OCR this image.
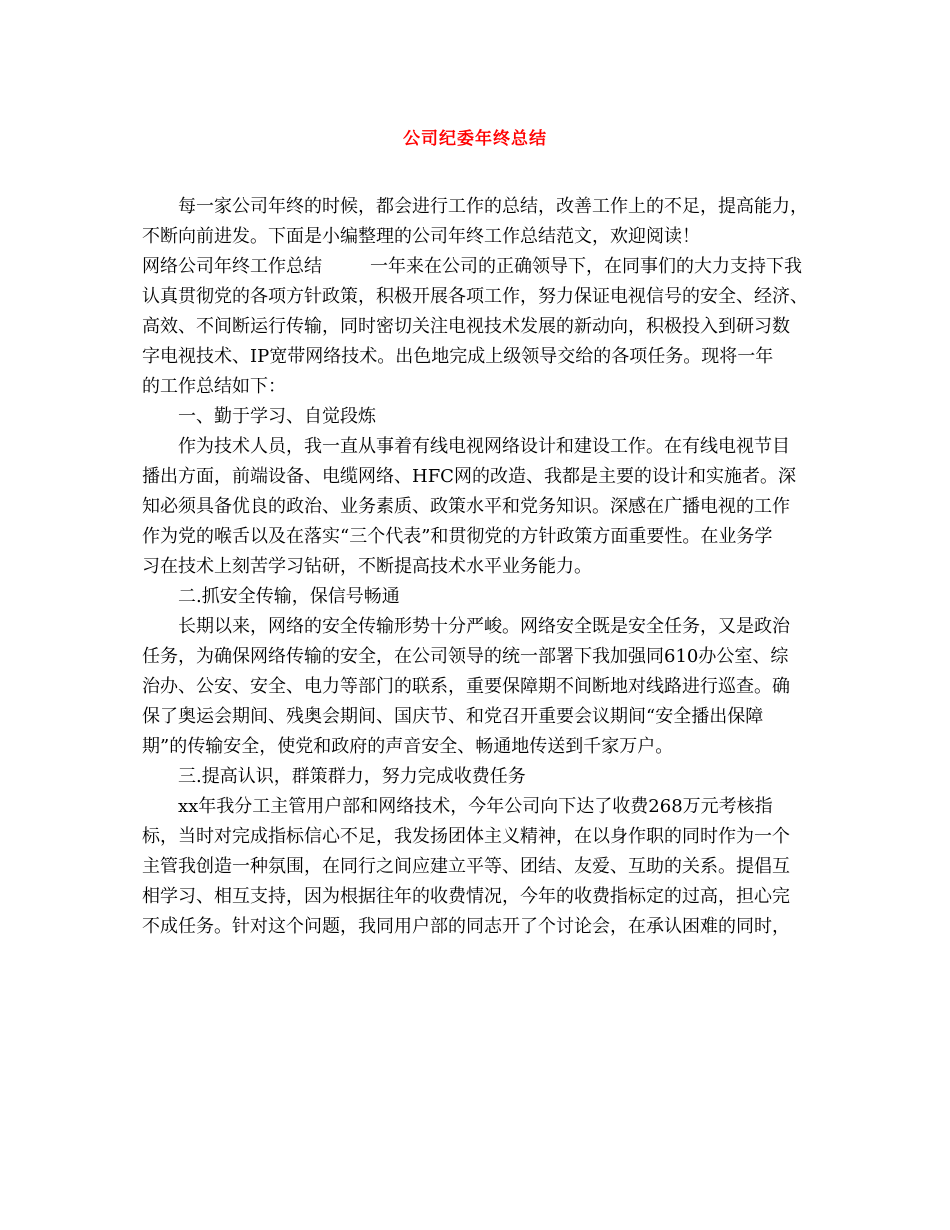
公司纪委年终总结
每一家公司年终的时候，都会进行工作的总结，改善工作上的不足，提高能力，
不断向前进发。下面是小编整理的公司年终工作总结范文，欢迎阅读！
网络公司年终工作总结	一年来在公司的正确领导下，在同事们的大力支持下我
认真贯彻党的各项方针政策，积极开展各项工作，努力保证电视信号的安全、经济、
高效、不间断运行传输，同时密切关注电视技术发展的新动向，积极投入到研习数
字电视技术、IP宽带网络技术。出色地完成上级领导交给的各项任务。现将一年
的工作总结如下：
一、勤于学习、自觉段炼
作为技术人员，我一直从事着有线电视网络设计和建设工作。在有线电视节目
播出方面，前端设备、电缆网络、HFC网的改造、我都是主要的设计和实施者。深
知必须具备优良的政治、业务素质、政策水平和党务知识。深感在广播电视的工作
作为党的喉舌以及在落实“三个代表”和贯彻党的方针政策方面重要性。在业务学
习在技术上刻苦学习钻研，不断提高技术水平业务能力。
二.抓安全传输，保信号畅通
长期以来，网络的安全传输形势十分严峻。网络安全既是安全任务，又是政治
任务，为确保网络传输的安全，在公司领导的统一部署下我加强同610办公室、综
治办、公安、安全、电力等部门的联系，重要保障期不间断地对线路进行巡查。确
保了奥运会期间、残奥会期间、国庆节、和党召开重要会议期间“安全播出保障
期”的传输安全，使党和政府的声音安全、畅通地传送到千家万户。
三.提高认识，群策群力，努力完成收费任务
xx年我分工主管用户部和网络技术，今年公司向下达了收费268万元考核指
标，当时对完成指标信心不足，我发扬团体主义精神，在以身作职的同时作为一个
主管我创造一种氛围，在同行之间应建立平等、团结、友爱、互助的关系。提倡互
相学习、相互支持，因为根据往年的收费情况，今年的收费指标定的过高，担心完
不成任务。针对这个问题，我同用户部的同志开了个讨论会，在承认困难的同时，
